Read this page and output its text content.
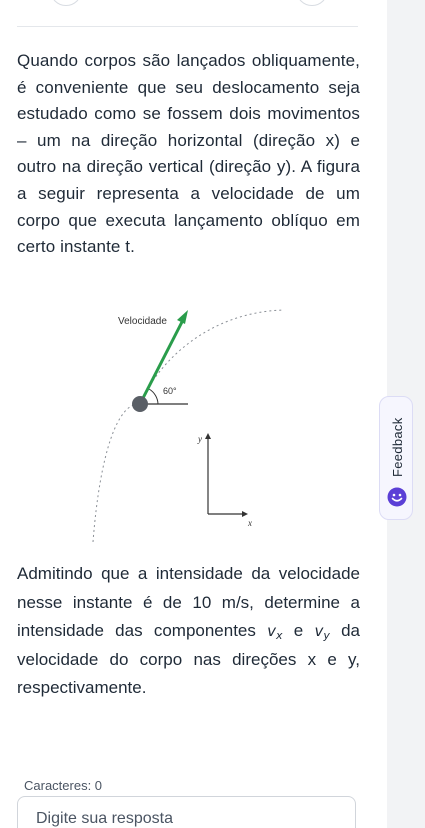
Quando corpos são lançados obliquamente, é conveniente que seu deslocamento seja estudado como se fossem dois movimentos – um na direção horizontal (direção x) e outro na direção vertical (direção y). A figura a seguir representa a velocidade de um corpo que executa lançamento oblíquo em certo instante t.

Velocidade
60°
y
x

Admitindo que a intensidade da velocidade nesse instante é de 10 m/s, determine a intensidade das componentes $v_x$ e $v_y$ da velocidade do corpo nas direções x e y, respectivamente.

Caracteres: 0
Digite sua resposta
Feedback
